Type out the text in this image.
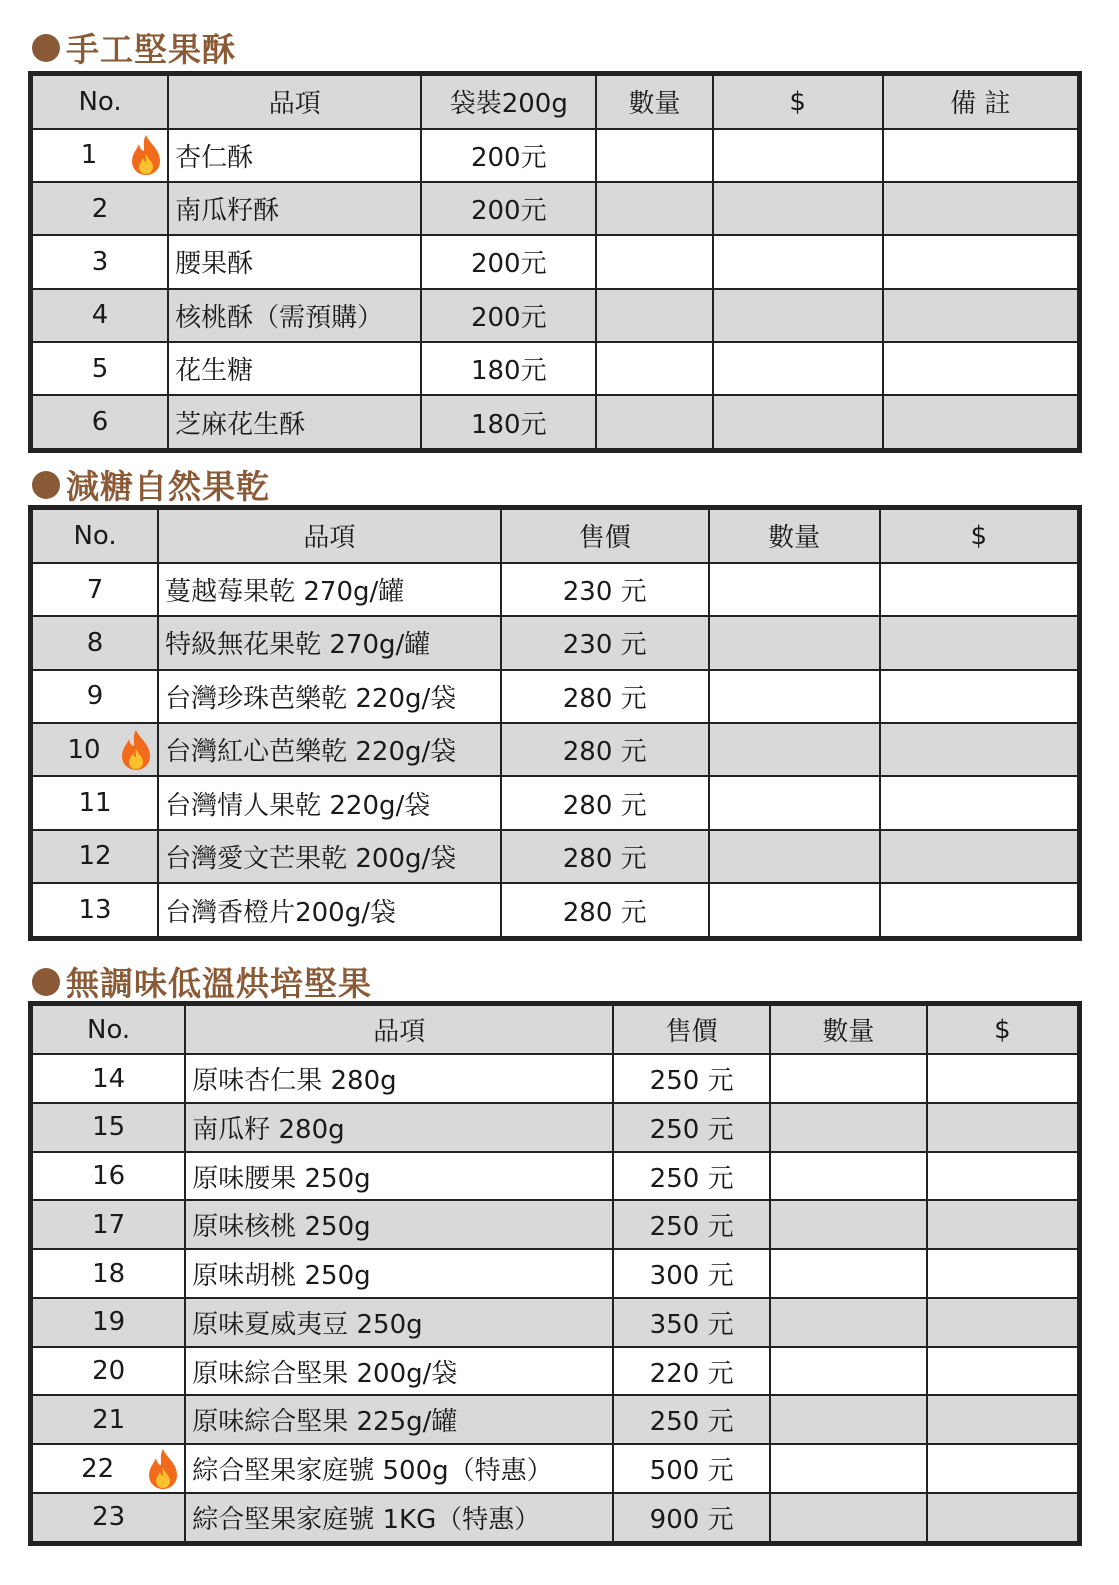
手工堅果酥
No.	品項	袋裝200g	數量	$	備 註
1	杏仁酥	200元			
2	南瓜籽酥	200元			
3	腰果酥	200元			
4	核桃酥（需預購）	200元			
5	花生糖	180元			
6	芝麻花生酥	180元			
減糖自然果乾
No.	品項	售價	數量	$
7	蔓越莓果乾 270g/罐	230 元		
8	特級無花果乾 270g/罐	230 元		
9	台灣珍珠芭樂乾 220g/袋	280 元		
10	台灣紅心芭樂乾 220g/袋	280 元		
11	台灣情人果乾 220g/袋	280 元		
12	台灣愛文芒果乾 200g/袋	280 元		
13	台灣香橙片200g/袋	280 元		
無調味低溫烘培堅果
No.	品項	售價	數量	$
14	原味杏仁果 280g	250 元		
15	南瓜籽 280g	250 元		
16	原味腰果 250g	250 元		
17	原味核桃 250g	250 元		
18	原味胡桃 250g	300 元		
19	原味夏威夷豆 250g	350 元		
20	原味綜合堅果 200g/袋	220 元		
21	原味綜合堅果 225g/罐	250 元		
22	綜合堅果家庭號 500g（特惠）	500 元		
23	綜合堅果家庭號 1KG（特惠）	900 元		
